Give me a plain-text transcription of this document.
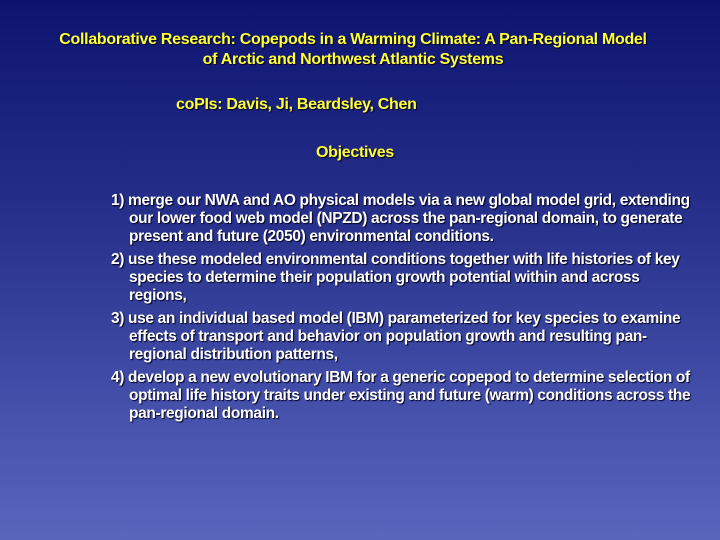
Collaborative Research: Copepods in a Warming Climate: A Pan-Regional Model
of Arctic and Northwest Atlantic Systems
coPIs: Davis, Ji, Beardsley, Chen
Objectives
1) merge our NWA and AO physical models via a new global model grid, extending our lower food web model (NPZD) across the pan-regional domain, to generate present and future (2050) environmental conditions.
2) use these modeled environmental conditions together with life histories of key species to determine their population growth potential within and across regions,
3) use an individual based model (IBM) parameterized for key species to examine effects of transport and behavior on population growth and resulting pan-regional distribution patterns,
4) develop a new evolutionary IBM for a generic copepod to determine selection of optimal life history traits under existing and future (warm) conditions across the pan-regional domain.
